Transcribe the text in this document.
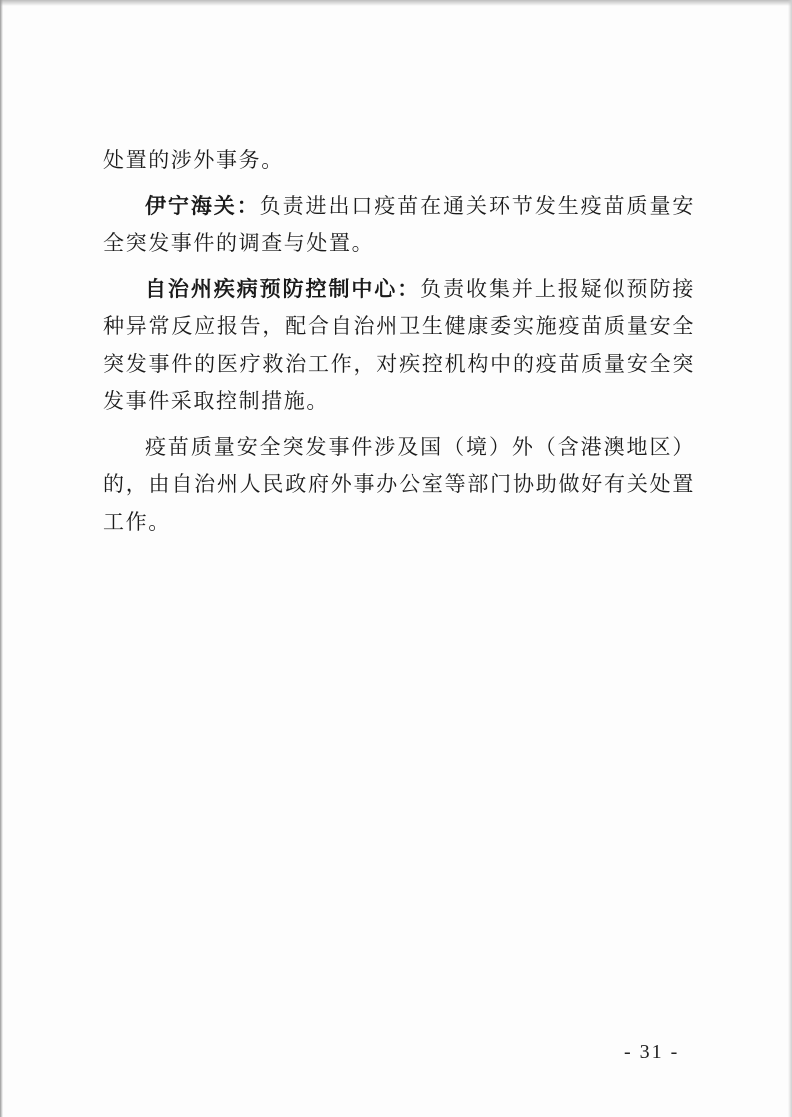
处置的涉外事务。

伊宁海关：负责进出口疫苗在通关环节发生疫苗质量安全突发事件的调查与处置。

自治州疾病预防控制中心：负责收集并上报疑似预防接种异常反应报告，配合自治州卫生健康委实施疫苗质量安全突发事件的医疗救治工作，对疾控机构中的疫苗质量安全突发事件采取控制措施。

疫苗质量安全突发事件涉及国（境）外（含港澳地区）的，由自治州人民政府外事办公室等部门协助做好有关处置工作。

- 31 -
